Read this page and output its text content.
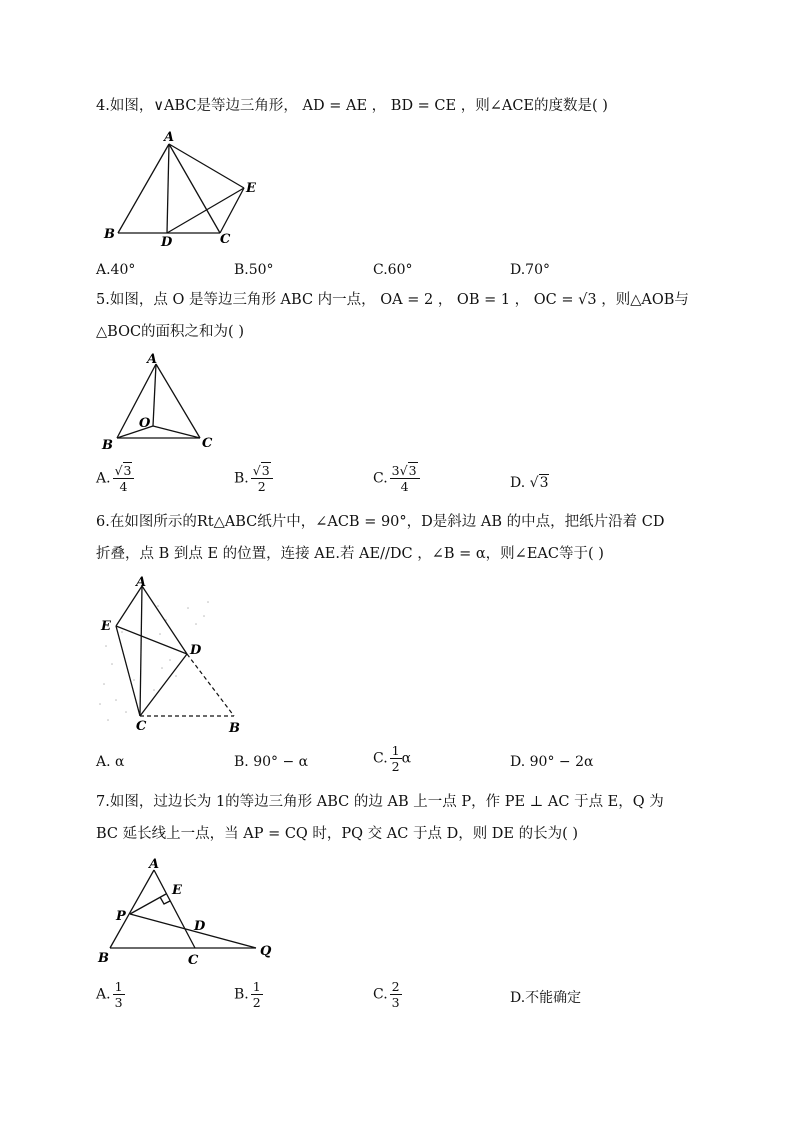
4.如图，∨ABC是等边三角形， AD = AE ， BD = CE ，则∠ACE的度数是( )
A
B	C
D
E
A.40°	B.50°	C.60°	D.70°
5.如图，点 O 是等边三角形 ABC 内一点， OA = 2 ， OB = 1 ， OC = √3 ，则△AOB与
△BOC的面积之和为( )
A
B	C
O
A. $\frac{√3}{4}$	B. $\frac{√3}{2}$	C. $\frac{3√3}{4}$	D. √3
6.在如图所示的Rt△ABC纸片中，∠ACB = 90°，D是斜边 AB 的中点，把纸片沿着 CD
折叠，点 B 到点 E 的位置，连接 AE.若 AE//DC ，∠B = α，则∠EAC等于( )
A
E
D
C	B
A. α	B. 90° − α	C. $\frac{1}{2}$ α	D. 90° − 2α
7.如图，过边长为 1的等边三角形 ABC 的边 AB 上一点 P，作 PE ⊥ AC 于点 E，Q 为
BC 延长线上一点，当 AP = CQ 时，PQ 交 AC 于点 D，则 DE 的长为( )
A
B	C
D
E
P
Q
A. $\frac{1}{3}$	B. $\frac{1}{2}$	C. $\frac{2}{3}$	D.不能确定
